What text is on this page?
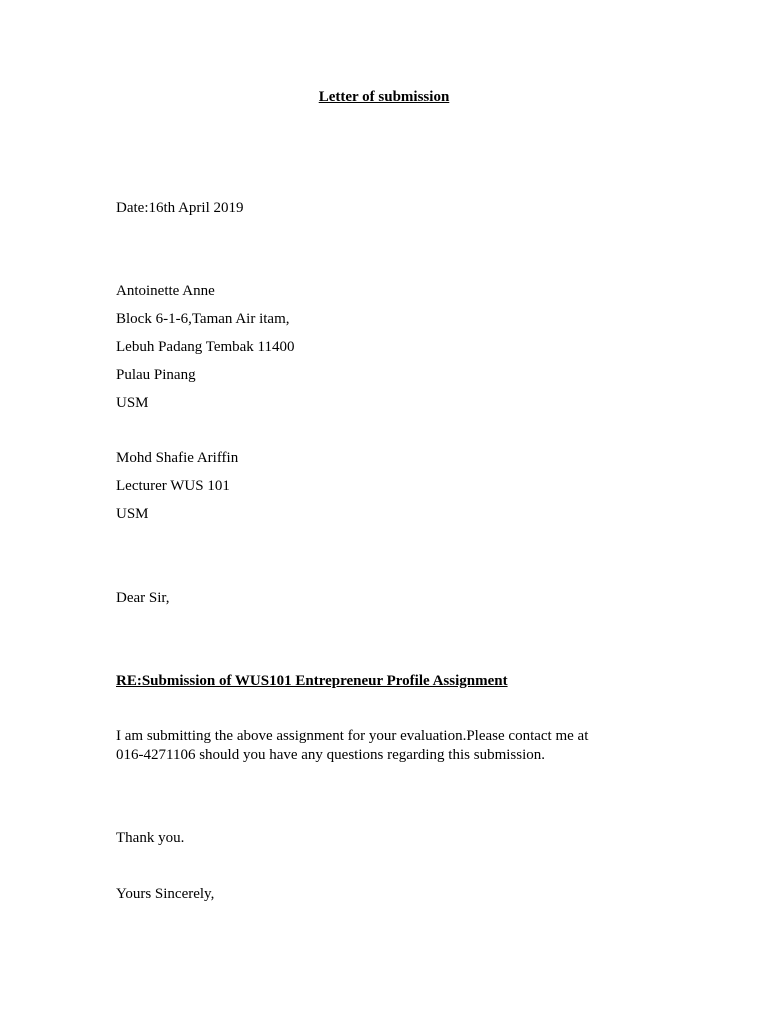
Letter of submission
Date:16th April 2019
Antoinette Anne
Block 6-1-6,Taman Air itam,
Lebuh Padang Tembak 11400
Pulau Pinang
USM
Mohd Shafie Ariffin
Lecturer WUS 101
USM
Dear Sir,
RE:Submission of WUS101 Entrepreneur Profile Assignment
I am submitting the above assignment for your evaluation.Please contact me at
016-4271106 should you have any questions regarding this submission.
Thank you.
Yours Sincerely,
